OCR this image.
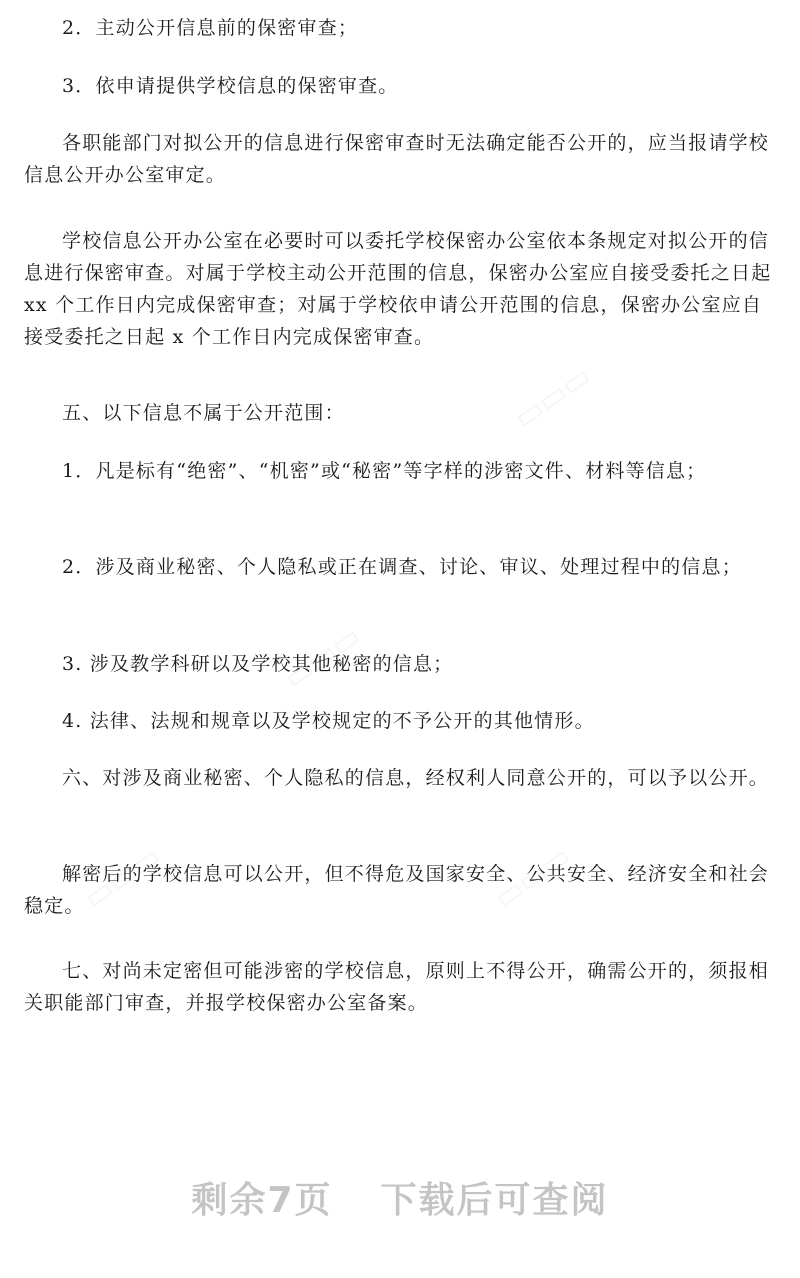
2．主动公开信息前的保密审查；

3．依申请提供学校信息的保密审查。

各职能部门对拟公开的信息进行保密审查时无法确定能否公开的，应当报请学校信息公开办公室审定。

学校信息公开办公室在必要时可以委托学校保密办公室依本条规定对拟公开的信息进行保密审查。对属于学校主动公开范围的信息，保密办公室应自接受委托之日起 xx 个工作日内完成保密审查；对属于学校依申请公开范围的信息，保密办公室应自接受委托之日起 x 个工作日内完成保密审查。

五、以下信息不属于公开范围：

1．凡是标有“绝密”、“机密”或“秘密”等字样的涉密文件、材料等信息；

2．涉及商业秘密、个人隐私或正在调查、讨论、审议、处理过程中的信息；

3. 涉及教学科研以及学校其他秘密的信息；

4. 法律、法规和规章以及学校规定的不予公开的其他情形。

六、对涉及商业秘密、个人隐私的信息，经权利人同意公开的，可以予以公开。

解密后的学校信息可以公开，但不得危及国家安全、公共安全、经济安全和社会稳定。

七、对尚未定密但可能涉密的学校信息，原则上不得公开，确需公开的，须报相关职能部门审查，并报学校保密办公室备案。

剩余7页 下载后可查阅
